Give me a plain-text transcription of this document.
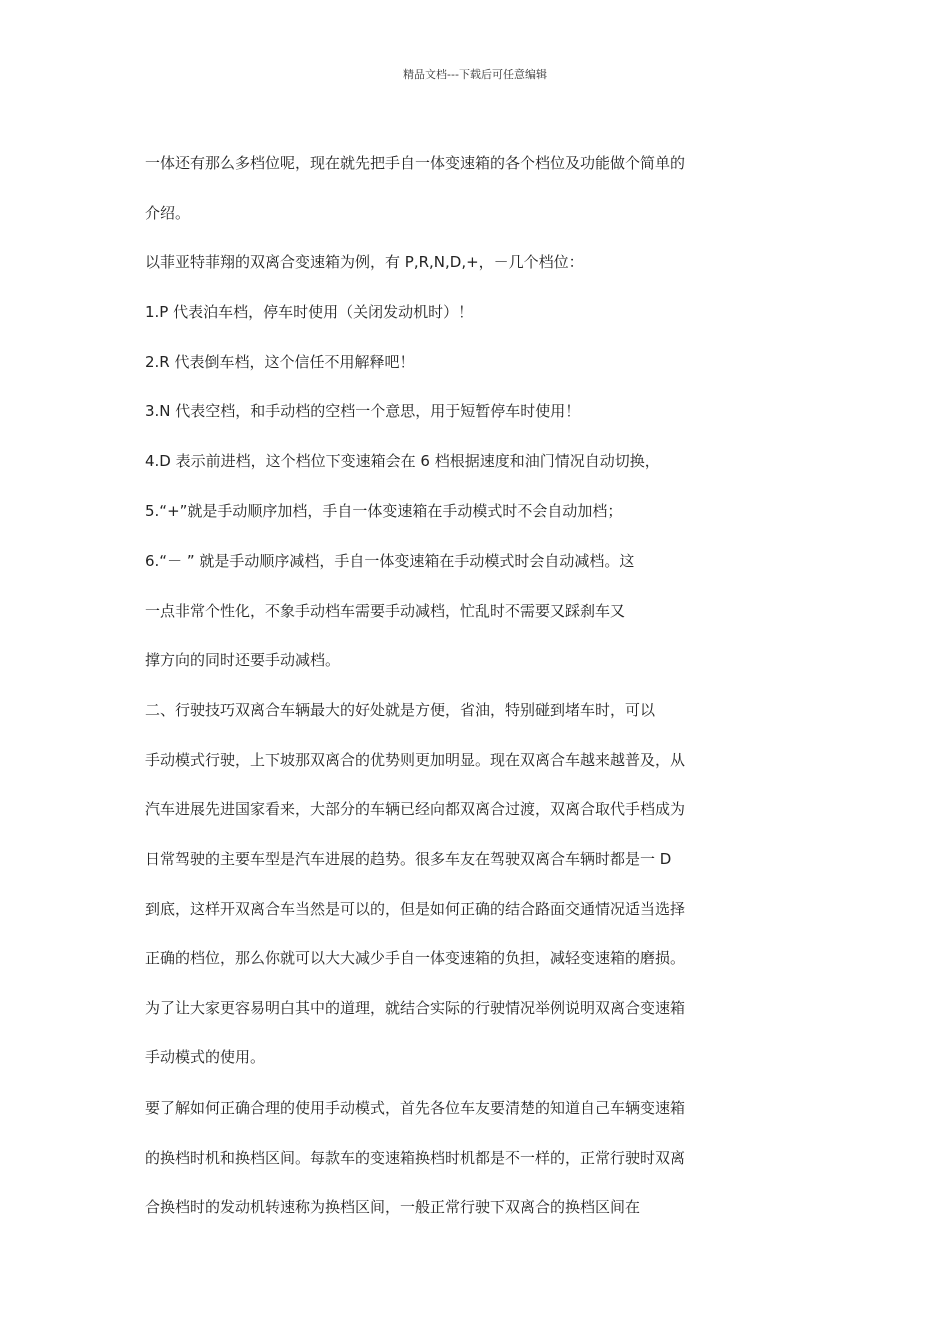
精品文档---下载后可任意编辑
一体还有那么多档位呢，现在就先把手自一体变速箱的各个档位及功能做个简单的
介绍。
以菲亚特菲翔的双离合变速箱为例，有 P,R,N,D,+，－几个档位：
1.P 代表泊车档，停车时使用（关闭发动机时）！
2.R 代表倒车档，这个信任不用解释吧！
3.N 代表空档，和手动档的空档一个意思，用于短暂停车时使用！
4.D 表示前进档，这个档位下变速箱会在 6 档根据速度和油门情况自动切换，
5.“+”就是手动顺序加档，手自一体变速箱在手动模式时不会自动加档；
6.“－ ” 就是手动顺序减档，手自一体变速箱在手动模式时会自动减档。这
一点非常个性化，不象手动档车需要手动减档，忙乱时不需要又踩刹车又
撑方向的同时还要手动减档。
二、行驶技巧双离合车辆最大的好处就是方便，省油，特别碰到堵车时，可以
手动模式行驶，上下坡那双离合的优势则更加明显。现在双离合车越来越普及，从
汽车进展先进国家看来，大部分的车辆已经向都双离合过渡，双离合取代手档成为
日常驾驶的主要车型是汽车进展的趋势。很多车友在驾驶双离合车辆时都是一 D
到底，这样开双离合车当然是可以的，但是如何正确的结合路面交通情况适当选择
正确的档位，那么你就可以大大减少手自一体变速箱的负担，减轻变速箱的磨损。
为了让大家更容易明白其中的道理，就结合实际的行驶情况举例说明双离合变速箱
手动模式的使用。
要了解如何正确合理的使用手动模式，首先各位车友要清楚的知道自己车辆变速箱
的换档时机和换档区间。每款车的变速箱换档时机都是不一样的，正常行驶时双离
合换档时的发动机转速称为换档区间，一般正常行驶下双离合的换档区间在
